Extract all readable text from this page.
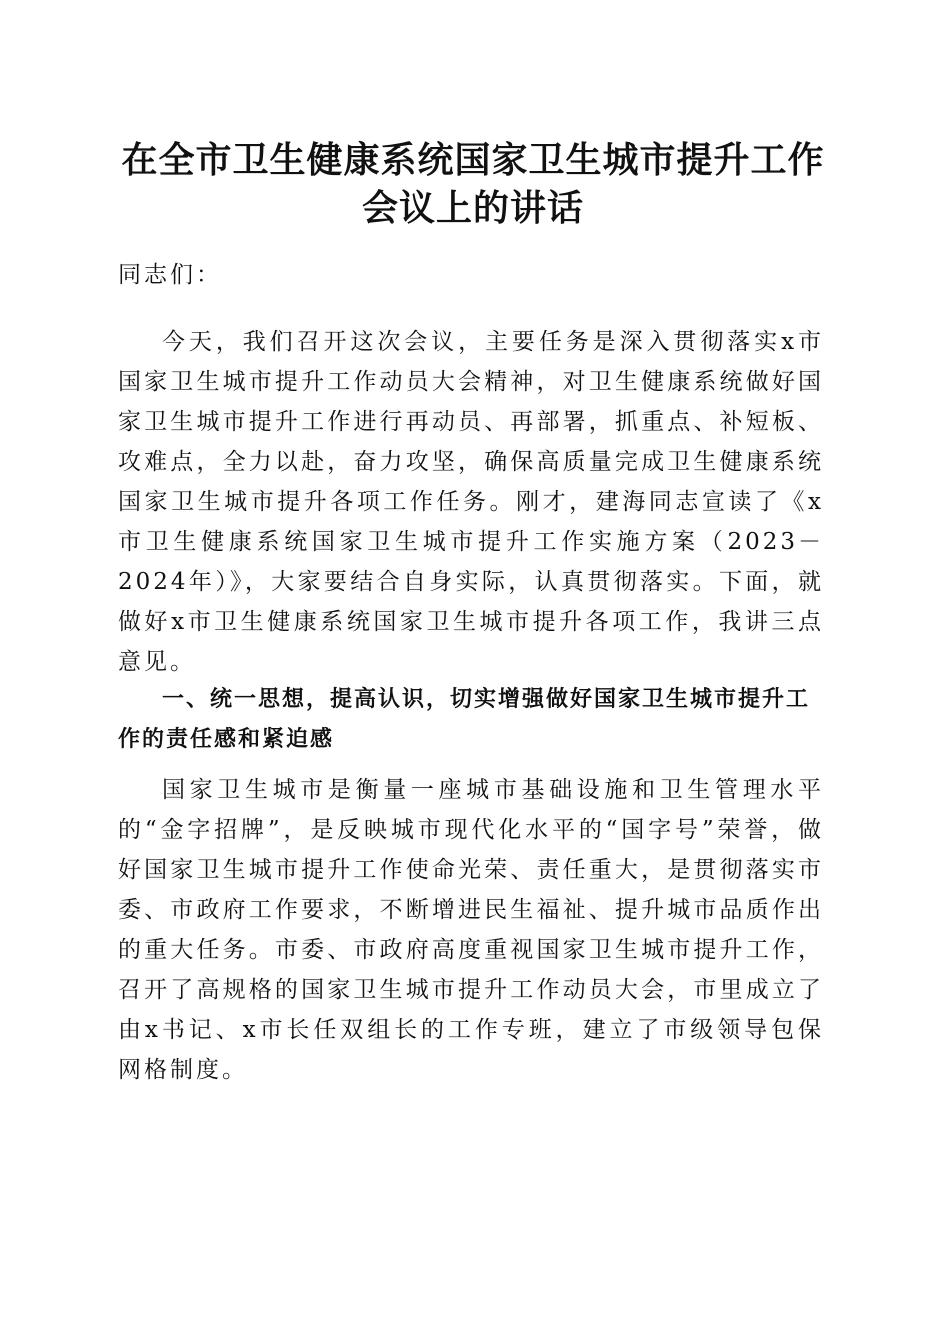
在全市卫生健康系统国家卫生城市提升工作会议上的讲话

同志们：

今天，我们召开这次会议，主要任务是深入贯彻落实x市国家卫生城市提升工作动员大会精神，对卫生健康系统做好国家卫生城市提升工作进行再动员、再部署，抓重点、补短板、攻难点，全力以赴，奋力攻坚，确保高质量完成卫生健康系统国家卫生城市提升各项工作任务。刚才，建海同志宣读了《x市卫生健康系统国家卫生城市提升工作实施方案（2023－2024年）》，大家要结合自身实际，认真贯彻落实。下面，就做好x市卫生健康系统国家卫生城市提升各项工作，我讲三点意见。

一、统一思想，提高认识，切实增强做好国家卫生城市提升工作的责任感和紧迫感

国家卫生城市是衡量一座城市基础设施和卫生管理水平的“金字招牌”，是反映城市现代化水平的“国字号”荣誉，做好国家卫生城市提升工作使命光荣、责任重大，是贯彻落实市委、市政府工作要求，不断增进民生福祉、提升城市品质作出的重大任务。市委、市政府高度重视国家卫生城市提升工作，召开了高规格的国家卫生城市提升工作动员大会，市里成立了由x书记、x市长任双组长的工作专班，建立了市级领导包保网格制度。
